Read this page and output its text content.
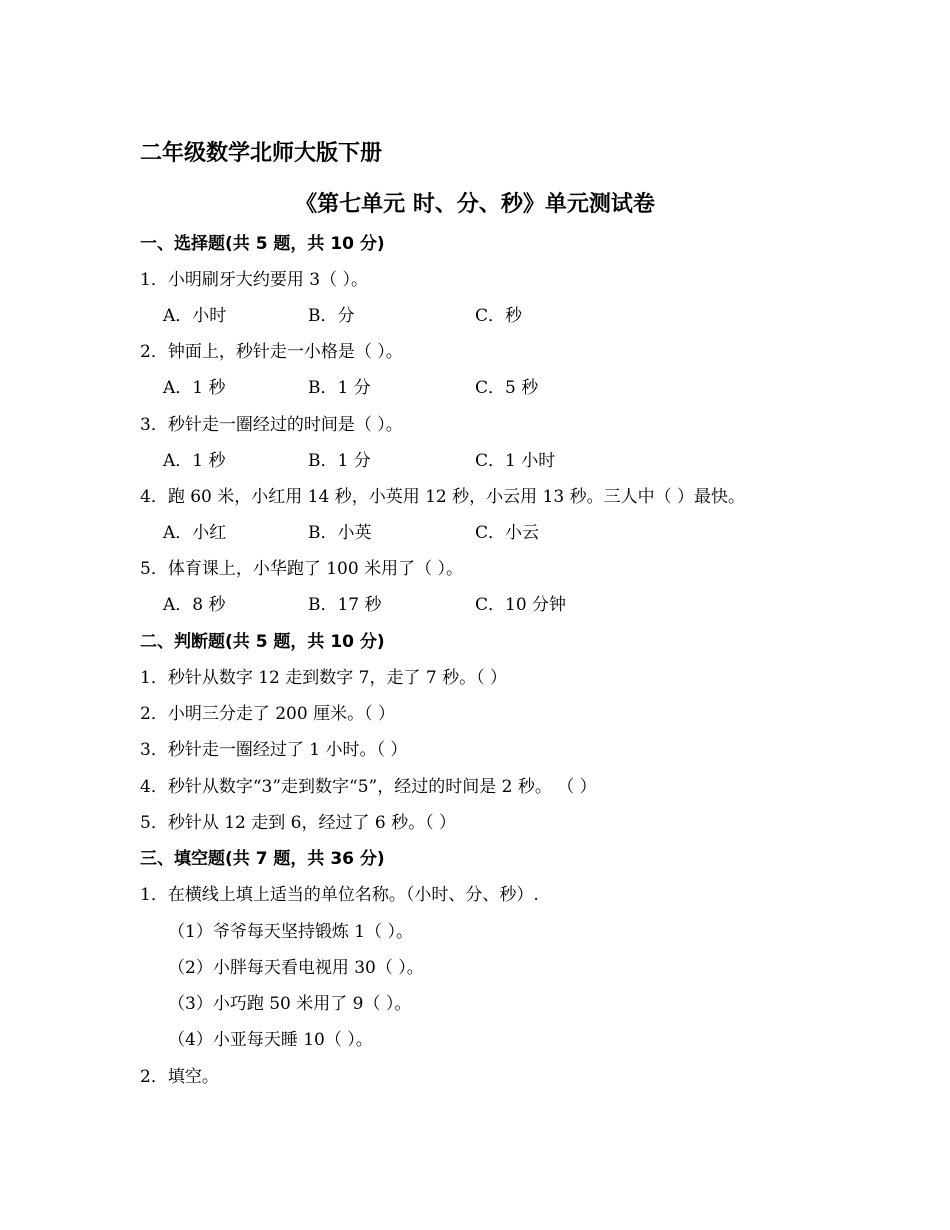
二年级数学北师大版下册
《第七单元 时、分、秒》单元测试卷
一、选择题(共 5 题，共 10 分)
1．小明刷牙大约要用 3（ ）。
A．小时	B．分	C．秒
2．钟面上，秒针走一小格是（ ）。
A．1 秒	B．1 分	C．5 秒
3．秒针走一圈经过的时间是（ ）。
A．1 秒	B．1 分	C．1 小时
4．跑 60 米，小红用 14 秒，小英用 12 秒，小云用 13 秒。三人中（ ）最快。
A．小红	B．小英	C．小云
5．体育课上，小华跑了 100 米用了（ ）。
A．8 秒	B．17 秒	C．10 分钟
二、判断题(共 5 题，共 10 分)
1．秒针从数字 12 走到数字 7，走了 7 秒。（ ）
2．小明三分走了 200 厘米。（ ）
3．秒针走一圈经过了 1 小时。（ ）
4．秒针从数字“3”走到数字“5”，经过的时间是 2 秒。 （ ）
5．秒针从 12 走到 6，经过了 6 秒。（ ）
三、填空题(共 7 题，共 36 分)
1．在横线上填上适当的单位名称。（小时、分、秒）.
（1）爷爷每天坚持锻炼 1（ ）。
（2）小胖每天看电视用 30（ ）。
（3）小巧跑 50 米用了 9（ ）。
（4）小亚每天睡 10（ ）。
2．填空。
